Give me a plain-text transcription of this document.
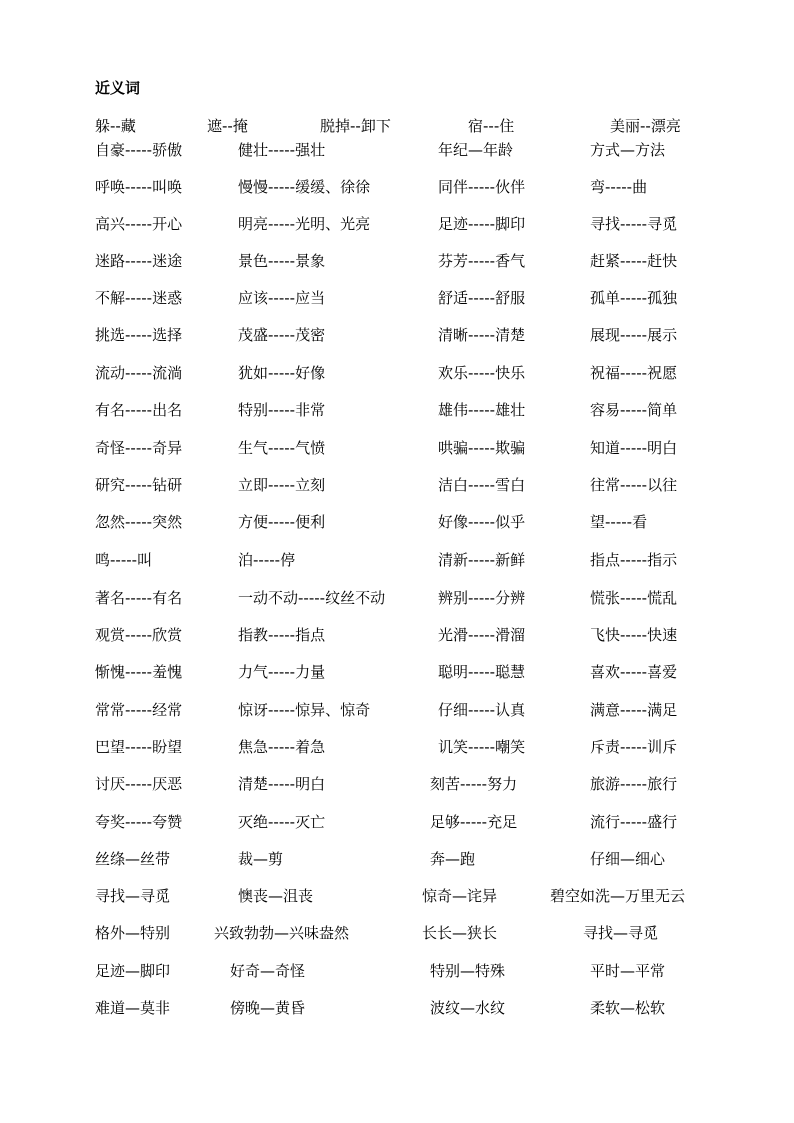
近义词
躲--藏	遮--掩	脱掉--卸下	宿---住	美丽--漂亮
自豪-----骄傲	健壮-----强壮	年纪—年龄	方式—方法
呼唤-----叫唤	慢慢-----缓缓、徐徐	同伴-----伙伴	弯-----曲
高兴-----开心	明亮-----光明、光亮	足迹-----脚印	寻找-----寻觅
迷路-----迷途	景色-----景象	芬芳-----香气	赶紧-----赶快
不解-----迷惑	应该-----应当	舒适-----舒服	孤单-----孤独
挑选-----选择	茂盛-----茂密	清晰-----清楚	展现-----展示
流动-----流淌	犹如-----好像	欢乐-----快乐	祝福-----祝愿
有名-----出名	特别-----非常	雄伟-----雄壮	容易-----简单
奇怪-----奇异	生气-----气愤	哄骗-----欺骗	知道-----明白
研究-----钻研	立即-----立刻	洁白-----雪白	往常-----以往
忽然-----突然	方便-----便利	好像-----似乎	望-----看
鸣-----叫	泊-----停	清新-----新鲜	指点-----指示
著名-----有名	一动不动-----纹丝不动	辨别-----分辨	慌张-----慌乱
观赏-----欣赏	指教-----指点	光滑-----滑溜	飞快-----快速
惭愧-----羞愧	力气-----力量	聪明-----聪慧	喜欢-----喜爱
常常-----经常	惊讶-----惊异、惊奇	仔细-----认真	满意-----满足
巴望-----盼望	焦急-----着急	讥笑-----嘲笑	斥责-----训斥
讨厌-----厌恶	清楚-----明白	刻苦-----努力	旅游-----旅行
夸奖-----夸赞	灭绝-----灭亡	足够-----充足	流行-----盛行
丝绦—丝带	裁—剪	奔—跑	仔细—细心
寻找—寻觅	懊丧—沮丧	惊奇—诧异	碧空如洗—万里无云
格外—特别	兴致勃勃—兴味盎然	长长—狭长	寻找—寻觅
足迹—脚印	好奇—奇怪	特别—特殊	平时—平常
难道—莫非	傍晚—黄昏	波纹—水纹	柔软—松软
